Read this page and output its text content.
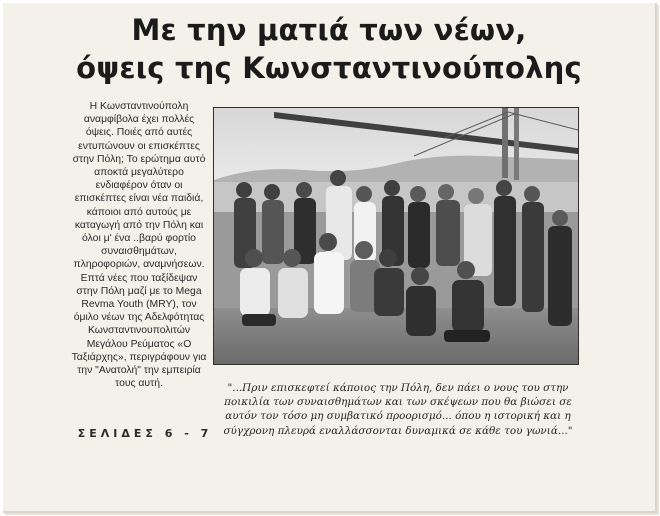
Με την ματιά των νέων,
όψεις της Κωνσταντινούπολης

Η Κωνσταντινούπολη αναμφίβολα έχει πολλές όψεις. Ποιές από αυτές εντυπώνουν οι επισκέπτες στην Πόλη; Το ερώτημα αυτό αποκτά μεγαλύτερο ενδιαφέρον όταν οι επισκέπτες είναι νέα παιδιά, κάποιοι από αυτούς με καταγωγή από την Πόλη και όλοι μ' ένα ..βαρύ φορτίο συναισθημάτων, πληροφοριών, αναμνήσεων.

Επτά νέες που ταξίδεψαν στην Πόλη μαζί με το Mega Revma Youth (MRY), τον όμιλο νέων της Αδελφότητας Κωνσταντινουπολιτών Μεγάλου Ρεύματος «Ο Ταξιάρχης», περιγράφουν για την "Ανατολή" την εμπειρία τους αυτή.

ΣΕΛΙΔΕΣ 6 - 7
"...Πριν επισκεφτεί κάποιος την Πόλη, δεν πάει ο νους του στην ποικιλία των συναισθημάτων και των σκέψεων που θα βιώσει σε αυτόν τον τόσο μη συμβατικό προορισμό... όπου η ιστορική και η σύγχρονη πλευρά εναλλάσσονται δυναμικά σε κάθε του γωνιά..."
